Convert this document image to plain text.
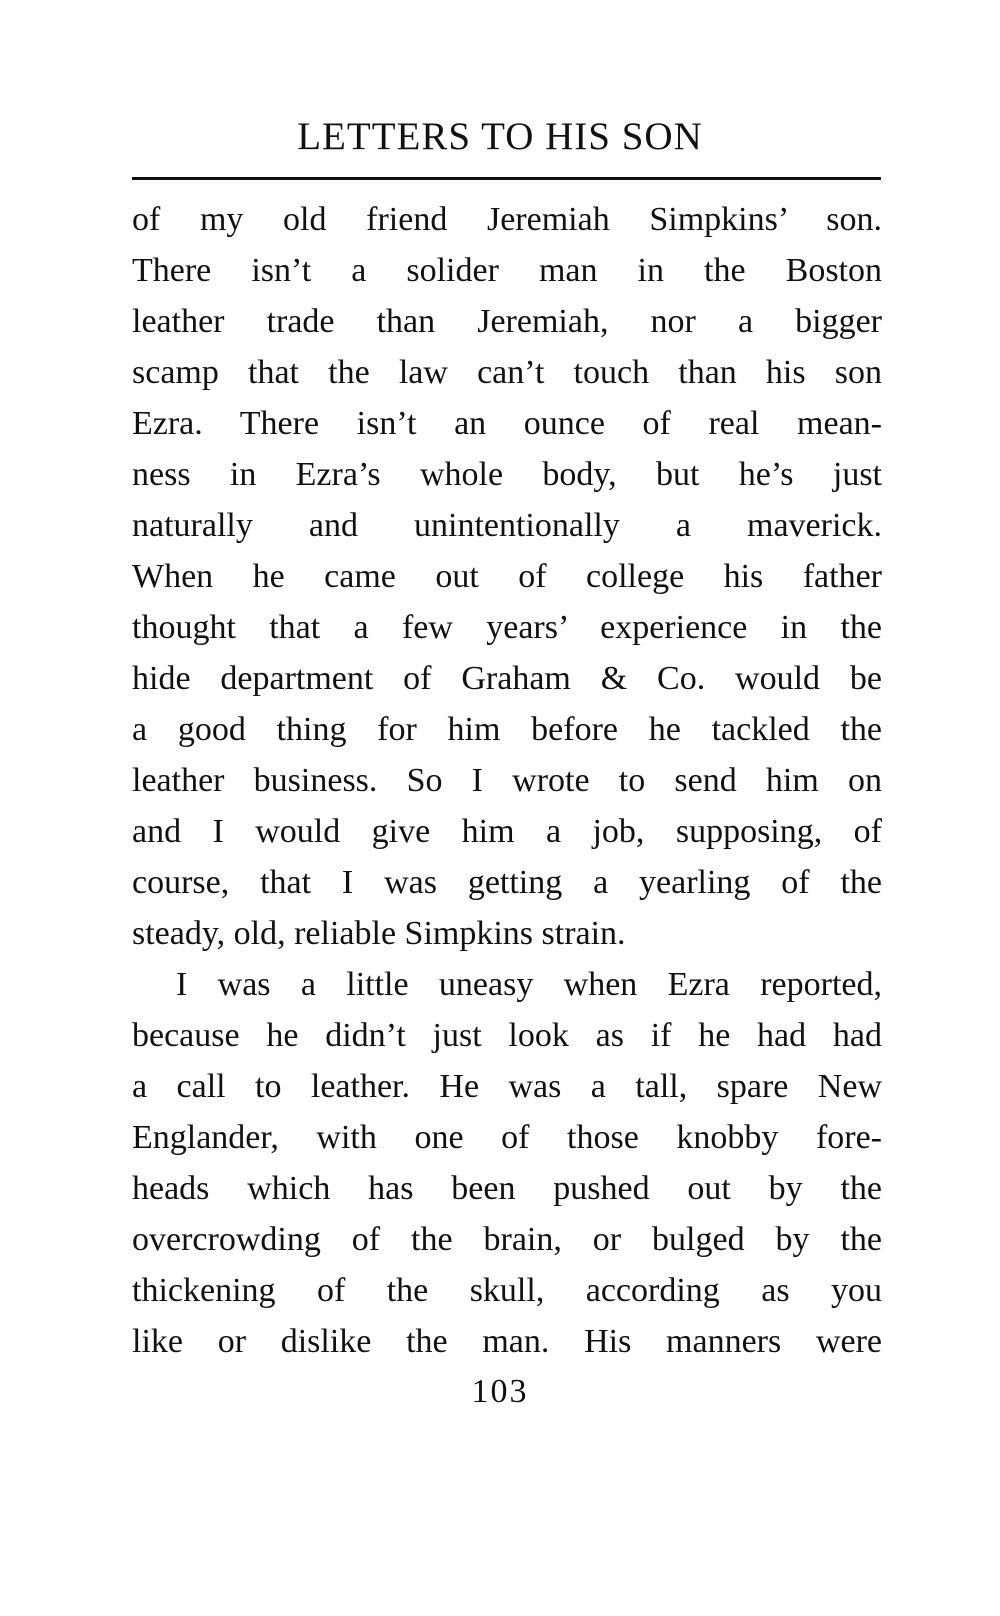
LETTERS TO HIS SON
of my old friend Jeremiah Simpkins’ son.
There isn’t a solider man in the Boston
leather trade than Jeremiah, nor a bigger
scamp that the law can’t touch than his son
Ezra. There isn’t an ounce of real mean-
ness in Ezra’s whole body, but he’s just
naturally and unintentionally a maverick.
When he came out of college his father
thought that a few years’ experience in the
hide department of Graham & Co. would be
a good thing for him before he tackled the
leather business. So I wrote to send him on
and I would give him a job, supposing, of
course, that I was getting a yearling of the
steady, old, reliable Simpkins strain.
I was a little uneasy when Ezra reported,
because he didn’t just look as if he had had
a call to leather. He was a tall, spare New
Englander, with one of those knobby fore-
heads which has been pushed out by the
overcrowding of the brain, or bulged by the
thickening of the skull, according as you
like or dislike the man. His manners were
103
